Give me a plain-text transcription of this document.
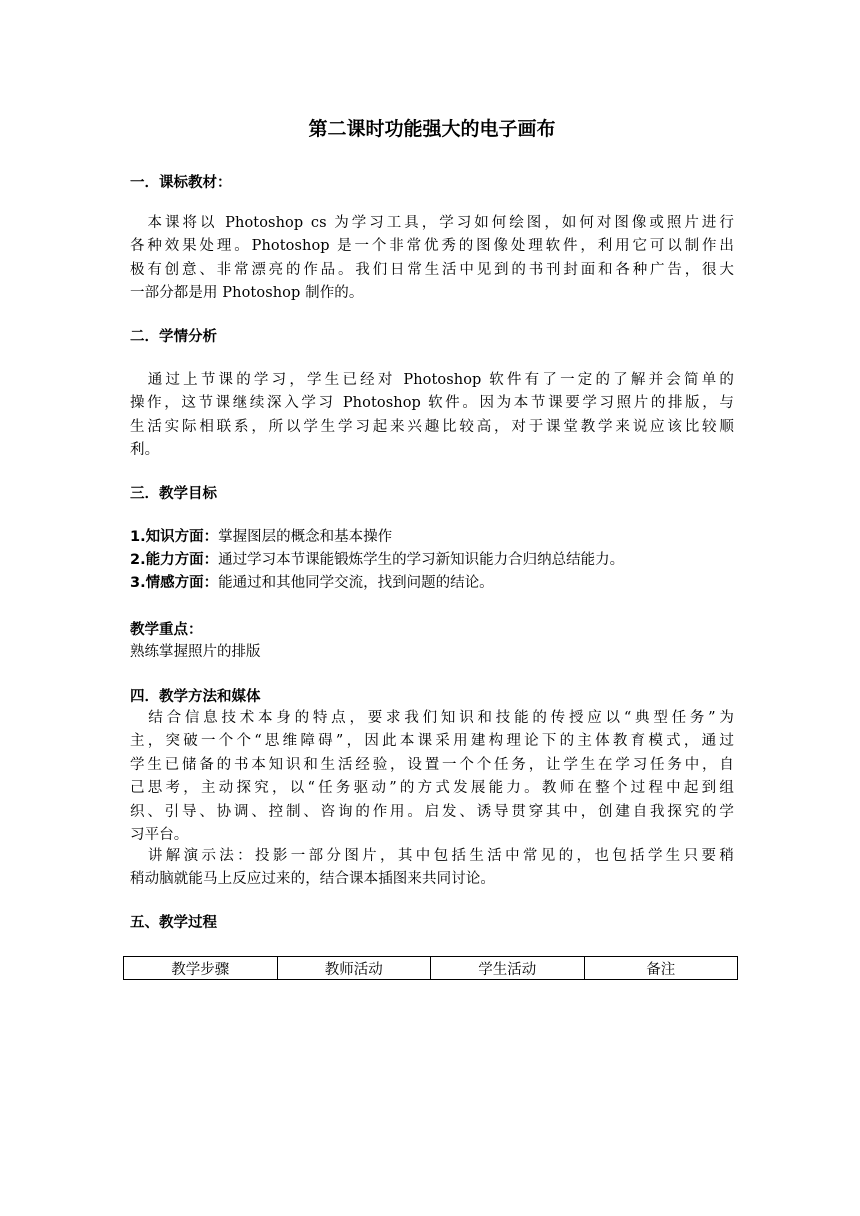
第二课时功能强大的电子画布
一．课标教材：
　本课将以 Photoshop cs 为学习工具，学习如何绘图，如何对图像或照片进行
各种效果处理。Photoshop 是一个非常优秀的图像处理软件，利用它可以制作出
极有创意、非常漂亮的作品。我们日常生活中见到的书刊封面和各种广告，很大
一部分都是用 Photoshop 制作的。
二．学情分析
　通过上节课的学习，学生已经对 Photoshop 软件有了一定的了解并会简单的
操作，这节课继续深入学习 Photoshop 软件。因为本节课要学习照片的排版，与
生活实际相联系，所以学生学习起来兴趣比较高，对于课堂教学来说应该比较顺
利。
三．教学目标
1.知识方面：掌握图层的概念和基本操作
2.能力方面：通过学习本节课能锻炼学生的学习新知识能力合归纳总结能力。
3.情感方面：能通过和其他同学交流，找到问题的结论。
教学重点：
熟练掌握照片的排版
四．教学方法和媒体
　结合信息技术本身的特点，要求我们知识和技能的传授应以“典型任务”为
主，突破一个个“思维障碍”，因此本课采用建构理论下的主体教育模式，通过
学生已储备的书本知识和生活经验，设置一个个任务，让学生在学习任务中，自
己思考，主动探究，以“任务驱动”的方式发展能力。教师在整个过程中起到组
织、引导、协调、控制、咨询的作用。启发、诱导贯穿其中，创建自我探究的学
习平台。
　讲解演示法：投影一部分图片，其中包括生活中常见的，也包括学生只要稍
稍动脑就能马上反应过来的，结合课本插图来共同讨论。
五、教学过程
教学步骤	教师活动	学生活动	备注
